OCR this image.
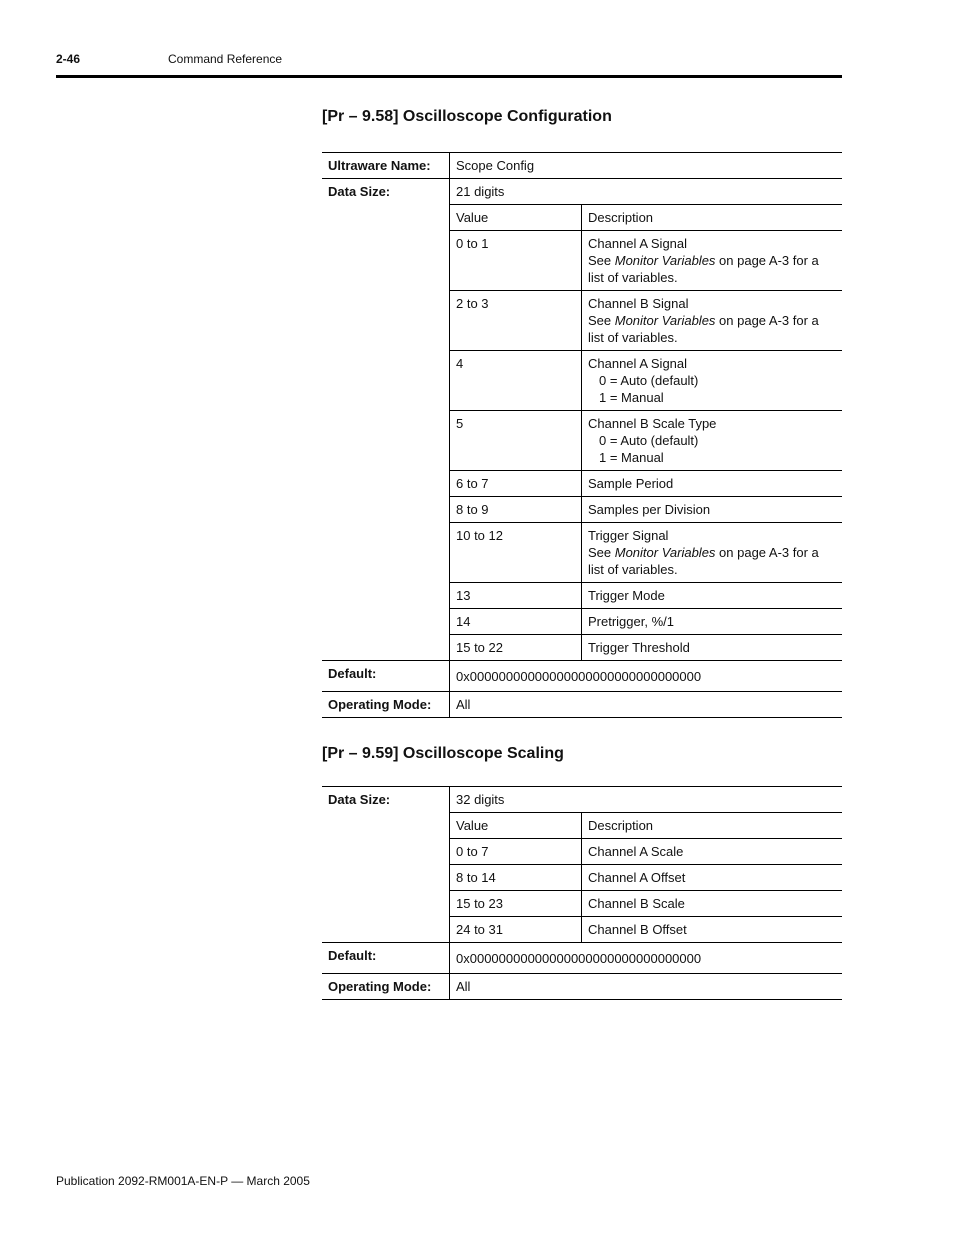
2-46	Command Reference
[Pr – 9.58] Oscilloscope Configuration
Ultraware Name:	Scope Config
Data Size:		21 digits
Value	Description
0 to 1	Channel A Signal
See Monitor Variables on page A-3 for a list of variables.
2 to 3	Channel B Signal
See Monitor Variables on page A-3 for a list of variables.
4	Channel A Signal
0 = Auto (default)
1 = Manual

5	Channel B Scale Type
0 = Auto (default)
1 = Manual

6 to 7	Sample Period
8 to 9	Samples per Division
10 to 12	Trigger Signal
See Monitor Variables on page A-3 for a list of variables.
13	Trigger Mode
14	Pretrigger, %/1
15 to 22	Trigger Threshold

Default:	0x00000000000000000000000000000000
Operating Mode:	All
[Pr – 9.59] Oscilloscope Scaling
Data Size:		32 digits
Value	Description
0 to 7	Channel A Scale
8 to 14	Channel A Offset
15 to 23	Channel B Scale
24 to 31	Channel B Offset

Default:	0x00000000000000000000000000000000
Operating Mode:	All
Publication 2092-RM001A-EN-P — March 2005
